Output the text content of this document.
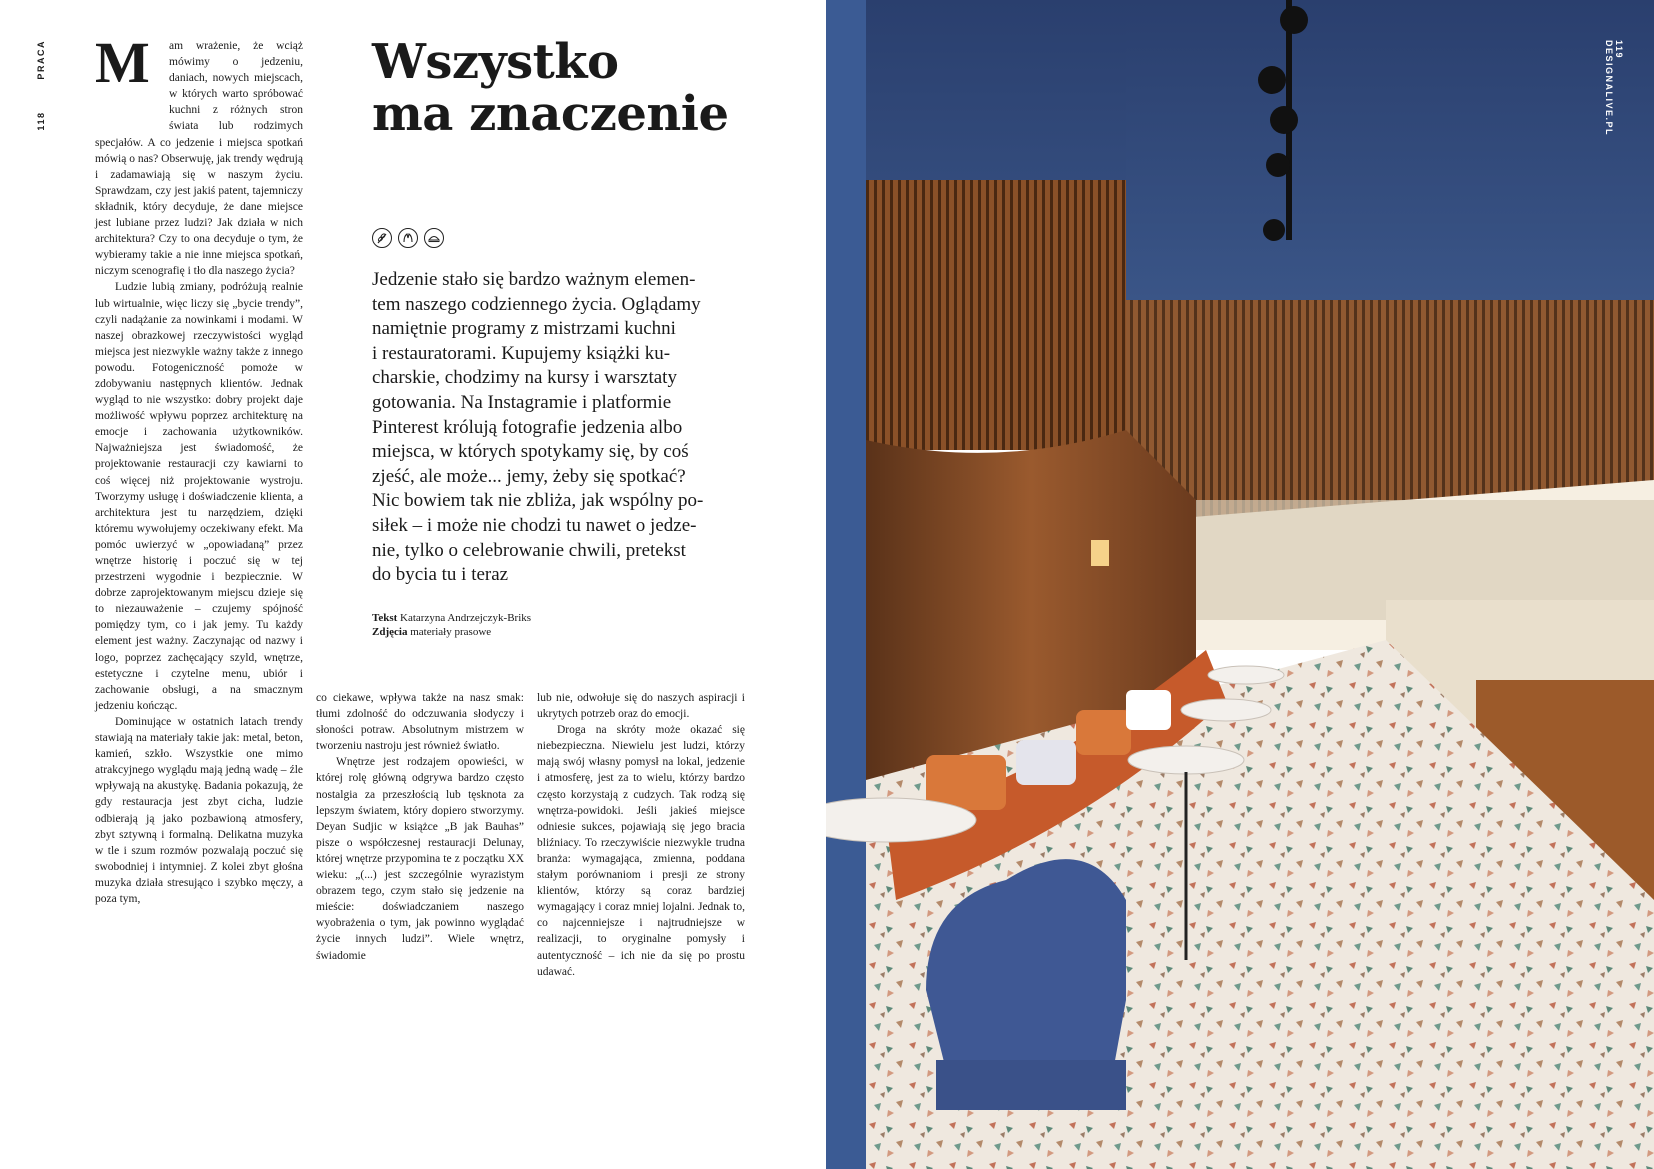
118 PRACA M	am wrażenie, że wciąż mówimy o jedzeniu, daniach, nowych miejscach, w których warto spróbować kuchni z różnych stron świata lub rodzimych specjałów. A co jedzenie i miejsca spotkań mówią o nas? Obserwuję, jak trendy wędrują i zadamawiają się w naszym życiu. Sprawdzam, czy jest jakiś patent, tajemniczy składnik, który decyduje, że dane miejsce jest lubiane przez ludzi? Jak działa w nich architektura? Czy to ona decyduje o tym, że wybieramy takie a nie inne miejsca spotkań, niczym scenografię i tło dla naszego życia?

Ludzie lubią zmiany, podróżują realnie lub wirtualnie, więc liczy się „bycie trendy”, czyli nadążanie za nowinkami i modami. W naszej obrazkowej rzeczywistości wygląd miejsca jest niezwykle ważny także z innego powodu. Fotogeniczność pomoże w zdobywaniu następnych klientów. Jednak wygląd to nie wszystko: dobry projekt daje możliwość wpływu poprzez architekturę na emocje i zachowania użytkowników. Najważniejsza jest świadomość, że projektowanie restauracji czy kawiarni to coś więcej niż projektowanie wystroju. Tworzymy usługę i doświadczenie klienta, a architektura jest tu narzędziem, dzięki któremu wywołujemy oczekiwany efekt. Ma pomóc uwierzyć w „opowiadaną” przez wnętrze historię i poczuć się w tej przestrzeni wygodnie i bezpiecznie. W dobrze zaprojektowanym miejscu dzieje się to niezauważenie – czujemy spójność pomiędzy tym, co i jak jemy. Tu każdy element jest ważny. Zaczynając od nazwy i logo, poprzez zachęcający szyld, wnętrze, estetyczne i czytelne menu, ubiór i zachowanie obsługi, a na smacznym jedzeniu kończąc.

Dominujące w ostatnich latach trendy stawiają na materiały takie jak: metal, beton, kamień, szkło. Wszystkie one mimo atrakcyjnego wyglądu mają jedną wadę – źle wpływają na akustykę. Badania pokazują, że gdy restauracja jest zbyt cicha, ludzie odbierają ją jako pozbawioną atmosfery, zbyt sztywną i formalną. Delikatna muzyka w tle i szum rozmów pozwalają poczuć się swobodniej i intymniej. Z kolei zbyt głośna muzyka działa stresująco i szybko męczy, a poza tym,

co ciekawe, wpływa także na nasz smak: tłumi zdolność do odczuwania słodyczy i słoności potraw. Absolutnym mistrzem w tworzeniu nastroju jest również światło.

Wnętrze jest rodzajem opowieści, w której rolę główną odgrywa bardzo często nostalgia za przeszłością lub tęsknota za lepszym światem, który dopiero stworzymy. Deyan Sudjic w książce „B jak Bauhas” pisze o współczesnej restauracji Delunay, której wnętrze przypomina te z początku XX wieku: „(...) jest szczególnie wyrazistym obrazem tego, czym stało się jedzenie na mieście: doświadczaniem naszego wyobrażenia o tym, jak powinno wyglądać życie innych ludzi”. Wiele wnętrz, świadomie

lub nie, odwołuje się do naszych aspiracji i ukrytych potrzeb oraz do emocji.

Droga na skróty może okazać się niebezpieczna. Niewielu jest ludzi, którzy mają swój własny pomysł na lokal, jedzenie i atmosferę, jest za to wielu, którzy bardzo często korzystają z cudzych. Tak rodzą się wnętrza-powidoki. Jeśli jakieś miejsce odniesie sukces, pojawiają się jego bracia bliźniacy. To rzeczywiście niezwykle trudna branża: wymagająca, zmienna, poddana stałym porównaniom i presji ze strony klientów, którzy są coraz bardziej wymagający i coraz mniej lojalni. Jednak to, co najcenniejsze i najtrudniejsze w realizacji, to oryginalne pomysły i autentyczność – ich nie da się po prostu udawać.

Wszystko
ma znaczenie
Jedzenie stało się bardzo ważnym elemen-
tem naszego codziennego życia. Oglądamy
namiętnie programy z mistrzami kuchni
i restauratorami. Kupujemy książki ku-
charskie, chodzimy na kursy i warsztaty
gotowania. Na Instagramie i platformie
Pinterest królują fotografie jedzenia albo
miejsca, w których spotykamy się, by coś
zjeść, ale może... jemy, żeby się spotkać?
Nic bowiem tak nie zbliża, jak wspólny po-
siłek – i może nie chodzi tu nawet o jedze-
nie, tylko o celebrowanie chwili, pretekst
do bycia tu i teraz
Tekst Katarzyna Andrzejczyk-Briks
Zdjęcia materiały prasowe
119
DESIGNALIVE.PL
